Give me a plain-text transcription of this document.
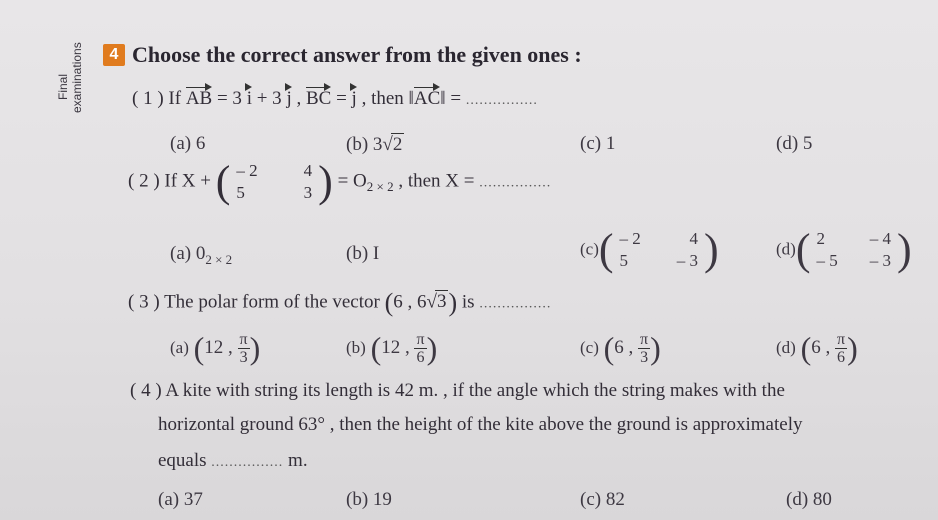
Final examinations	4 Choose the correct answer from the given ones :
( 1 ) If AB = 3 i + 3 j , BC = j , then ‖AC‖ = ................
(a) 6	(b) 3√2	(c) 1	(d) 5
( 2 ) If X + ( – 2	4
5	3 ) = $O_{2 \times 2}$ , then X = ................
(a) $0_{2 \times 2}$	(b) I	(c)( – 2	4
5	– 3 )	(d)( 2	– 4
– 5	– 3 )
( 3 ) The polar form of the vector (6 , 6√3) is ................
(a) (12 , $\frac{\pi}{3}$ )	(b) (12 , $\frac{\pi}{6}$ )	(c) (6 , $\frac{\pi}{3}$ )	(d) (6 , $\frac{\pi}{6}$ )
( 4 ) A kite with string its length is 42 m. , if the angle which the string makes with the
horizontal ground 63° , then the height of the kite above the ground is approximately
equals ................ m.
(a) 37	(b) 19	(c) 82	(d) 80
